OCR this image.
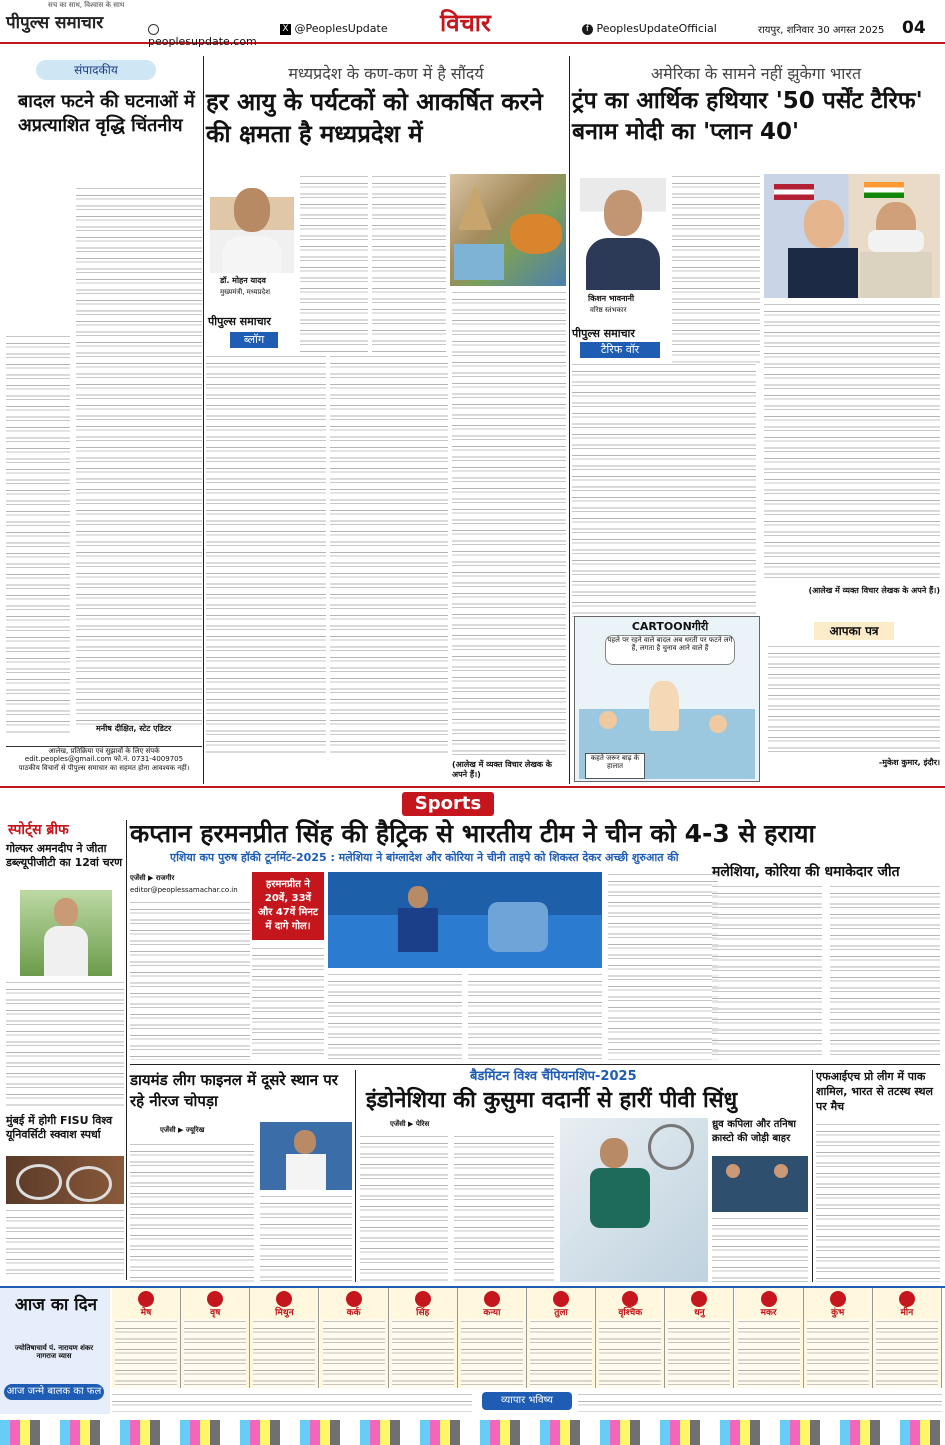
पीपुल्स समाचार
सच का साथ, विश्वास के साथ
peoplesupdate.com
X @PeoplesUpdate विचार	f PeoplesUpdateOfficial	रायपुर, शनिवार 30 अगस्त 2025	04
संपादकीय
बादल फटने की घटनाओं में अप्रत्याशित वृद्धि चिंतनीय
मनीष दीक्षित, स्टेट एडिटर
आलेख, प्रतिक्रिया एवं सुझावों के लिए संपर्क
edit.peoples@gmail.com फो.नं. 0731-4009705
पाठकीय विचारों से पीपुल्स समाचार का सहमत होना आवश्यक नहीं।
मध्यप्रदेश के कण-कण में है सौंदर्य
हर आयु के पर्यटकों को आकर्षित करने की क्षमता है मध्यप्रदेश में
डॉ. मोहन यादव
मुख्यमंत्री, मध्यप्रदेश
पीपुल्स समाचार
ब्लॉग
(आलेख में व्यक्त विचार लेखक के अपने हैं।)
अमेरिका के सामने नहीं झुकेगा भारत
ट्रंप का आर्थिक हथियार '50 पर्सेंट टैरिफ' बनाम मोदी का 'प्लान 40'
किशन भावनानी
वरिष्ठ स्तंभकार
पीपुल्स समाचार
टैरिफ वॉर
(आलेख में व्यक्त विचार लेखक के अपने हैं।)
CARTOONगीरी
पहले पर रहने वाले बादल अब धरती पर फटने लगे हैं, लगता है चुनाव आने वाले हैं
कहते जरूर बाढ़ के हालात
आपका पत्र
-मुकेश कुमार, इंदौर।
Sports
स्पोर्ट्स ब्रीफ
गोल्फर अमनदीप ने जीता डब्ल्यूपीजीटी का 12वां चरण
मुंबई में होगी FISU विश्व यूनिवर्सिटी स्क्वाश स्पर्धा
कप्तान हरमनप्रीत सिंह की हैट्रिक से भारतीय टीम ने चीन को 4-3 से हराया
एशिया कप पुरुष हॉकी टूर्नामेंट-2025 : मलेशिया ने बांग्लादेश और कोरिया ने चीनी ताइपे को शिकस्त देकर अच्छी शुरुआत की
एजेंसी ▶ राजगीर
editor@peoplessamachar.co.in	हरमनप्रीत ने 20वें, 33वें और 47वें मिनट में दागे गोल।
मलेशिया, कोरिया की धमाकेदार जीत
डायमंड लीग फाइनल में दूसरे स्थान पर रहे नीरज चोपड़ा
एजेंसी ▶ ज्यूरिख
बैडमिंटन विश्व चैंपियनशिप-2025
इंडोनेशिया की कुसुमा वदार्नी से हारीं पीवी सिंधु
एजेंसी ▶ पेरिस	ध्रुव कपिला और तनिषा क्रास्टो की जोड़ी बाहर
एफआईएच प्रो लीग में पाक शामिल, भारत से तटस्थ स्थल पर मैच
आज का दिन
ज्योतिषाचार्य पं. नारायण शंकर नागराज व्यास
आज जन्मे बालक का फल
मेष	वृष	मिथुन	कर्क	सिंह	कन्या	तुला	वृश्चिक	धनु	मकर	कुंभ	मीन
व्यापार भविष्य
